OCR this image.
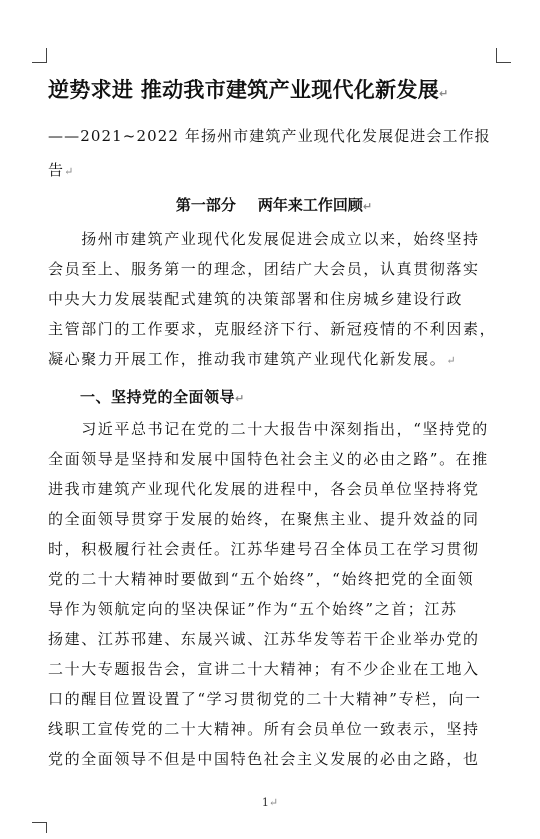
逆势求进 推动我市建筑产业现代化新发展↵
——2021~2022 年扬州市建筑产业现代化发展促进会工作报
告↵
第一部分 两年来工作回顾↵
　　扬州市建筑产业现代化发展促进会成立以来，始终坚持
会员至上、服务第一的理念，团结广大会员，认真贯彻落实
中央大力发展装配式建筑的决策部署和住房城乡建设行政
主管部门的工作要求，克服经济下行、新冠疫情的不利因素，
凝心聚力开展工作，推动我市建筑产业现代化新发展。↵
一、坚持党的全面领导↵
　　习近平总书记在党的二十大报告中深刻指出，“坚持党的
全面领导是坚持和发展中国特色社会主义的必由之路”。在推
进我市建筑产业现代化发展的进程中，各会员单位坚持将党
的全面领导贯穿于发展的始终，在聚焦主业、提升效益的同
时，积极履行社会责任。江苏华建号召全体员工在学习贯彻
党的二十大精神时要做到“五个始终”，“始终把党的全面领
导作为领航定向的坚决保证”作为“五个始终”之首；江苏
扬建、江苏邗建、东晟兴诚、江苏华发等若干企业举办党的
二十大专题报告会，宣讲二十大精神；有不少企业在工地入
口的醒目位置设置了“学习贯彻党的二十大精神”专栏，向一
线职工宣传党的二十大精神。所有会员单位一致表示，坚持
党的全面领导不但是中国特色社会主义发展的必由之路，也
1↵
